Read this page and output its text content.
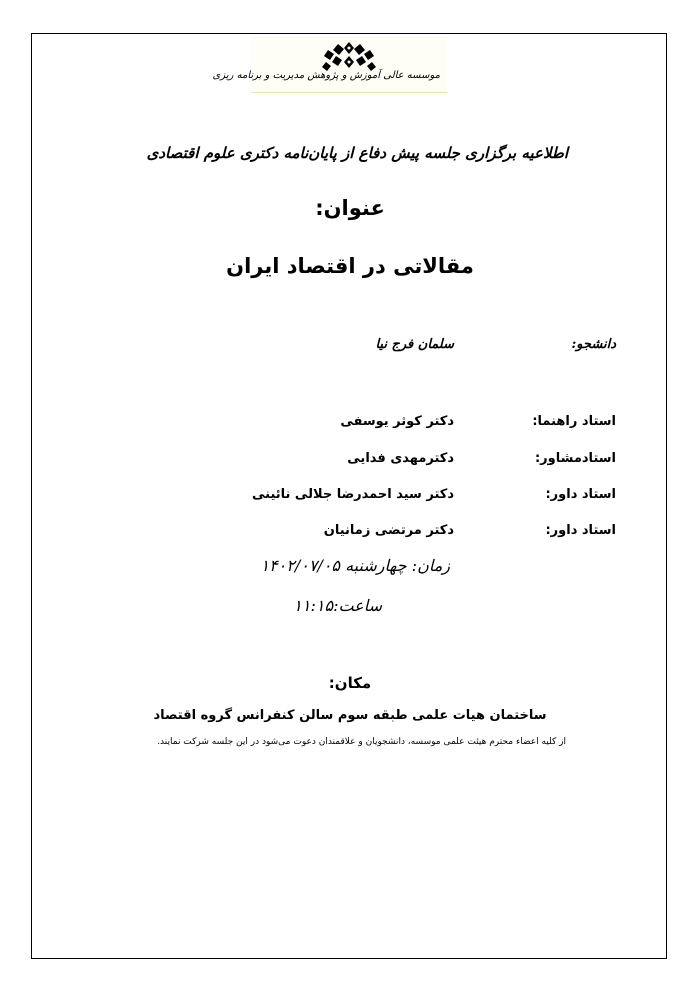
موسسه عالی آموزش و پژوهش مدیریت و برنامه ریزی
اطلاعیه برگزاری جلسه پیش دفاع از پایان‌نامه دکتری علوم اقتصادی
عنوان:
مقالاتی در اقتصاد ایران
دانشجو:
سلمان فرج نیا
استاد راهنما:
دکتر کوثر یوسفی
استادمشاور:
دکترمهدی فدایی
استاد داور:
دکتر سید احمدرضا جلالی نائینی
استاد داور:
دکتر مرتضی زمانیان
زمان: چهارشنبه ۱۴۰۲/۰۷/۰۵
ساعت:۱۱:۱۵
مکان:
ساختمان هیات علمی طبقه سوم سالن کنفرانس گروه اقتصاد
از کلیه اعضاء محترم هیئت علمی موسسه، دانشجویان و علاقمندان دعوت می‌شود در این جلسه شرکت نمایند.
